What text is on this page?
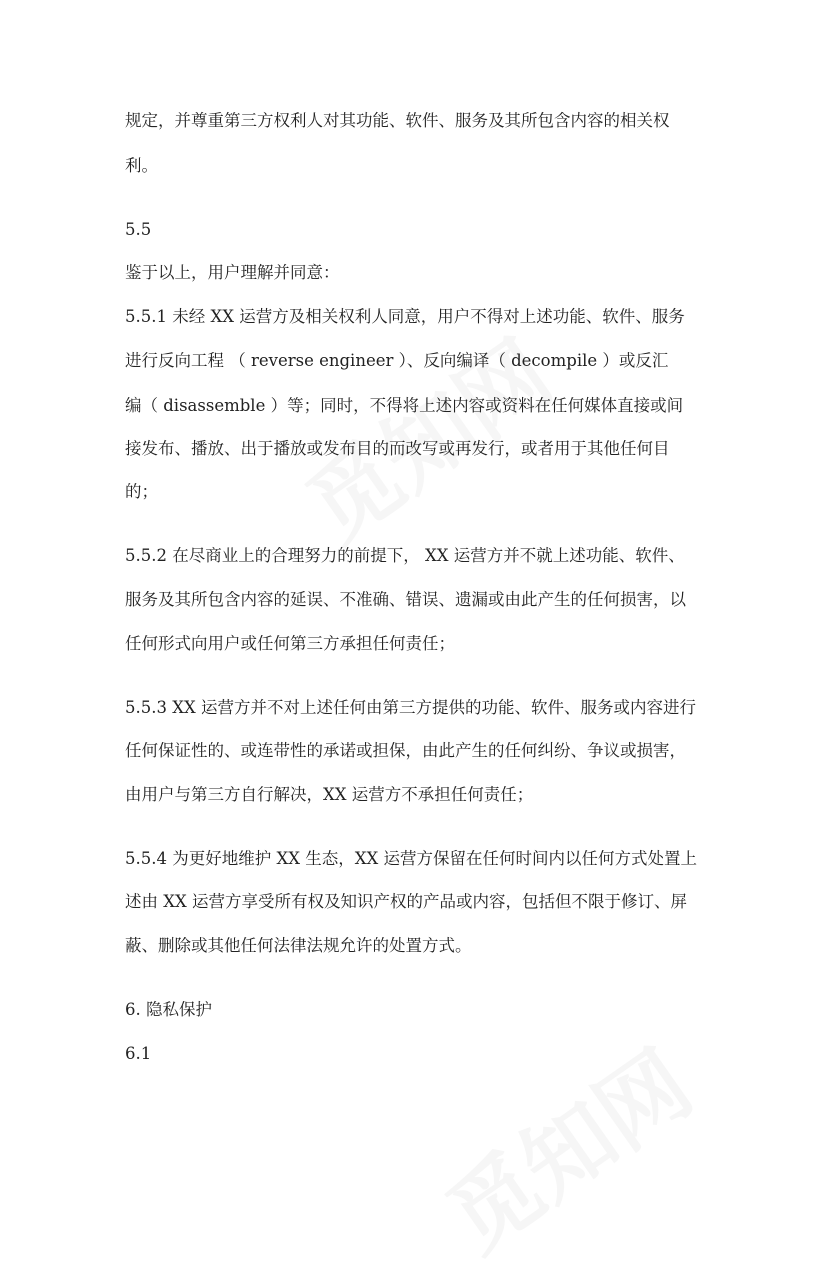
规定，并尊重第三方权利人对其功能、软件、服务及其所包含内容的相关权
利。
5.5
鉴于以上，用户理解并同意：
5.5.1 未经 XX 运营方及相关权利人同意，用户不得对上述功能、软件、服务
进行反向工程 （ reverse engineer ）、反向编译（ decompile ）或反汇
编（ disassemble ）等；同时，不得将上述内容或资料在任何媒体直接或间
接发布、播放、出于播放或发布目的而改写或再发行，或者用于其他任何目
的；
5.5.2 在尽商业上的合理努力的前提下， XX 运营方并不就上述功能、软件、
服务及其所包含内容的延误、不准确、错误、遗漏或由此产生的任何损害，以
任何形式向用户或任何第三方承担任何责任；
5.5.3 XX 运营方并不对上述任何由第三方提供的功能、软件、服务或内容进行
任何保证性的、或连带性的承诺或担保，由此产生的任何纠纷、争议或损害，
由用户与第三方自行解决，XX 运营方不承担任何责任；
5.5.4 为更好地维护 XX 生态，XX 运营方保留在任何时间内以任何方式处置上
述由 XX 运营方享受所有权及知识产权的产品或内容，包括但不限于修订、屏
蔽、删除或其他任何法律法规允许的处置方式。
6. 隐私保护
6.1
